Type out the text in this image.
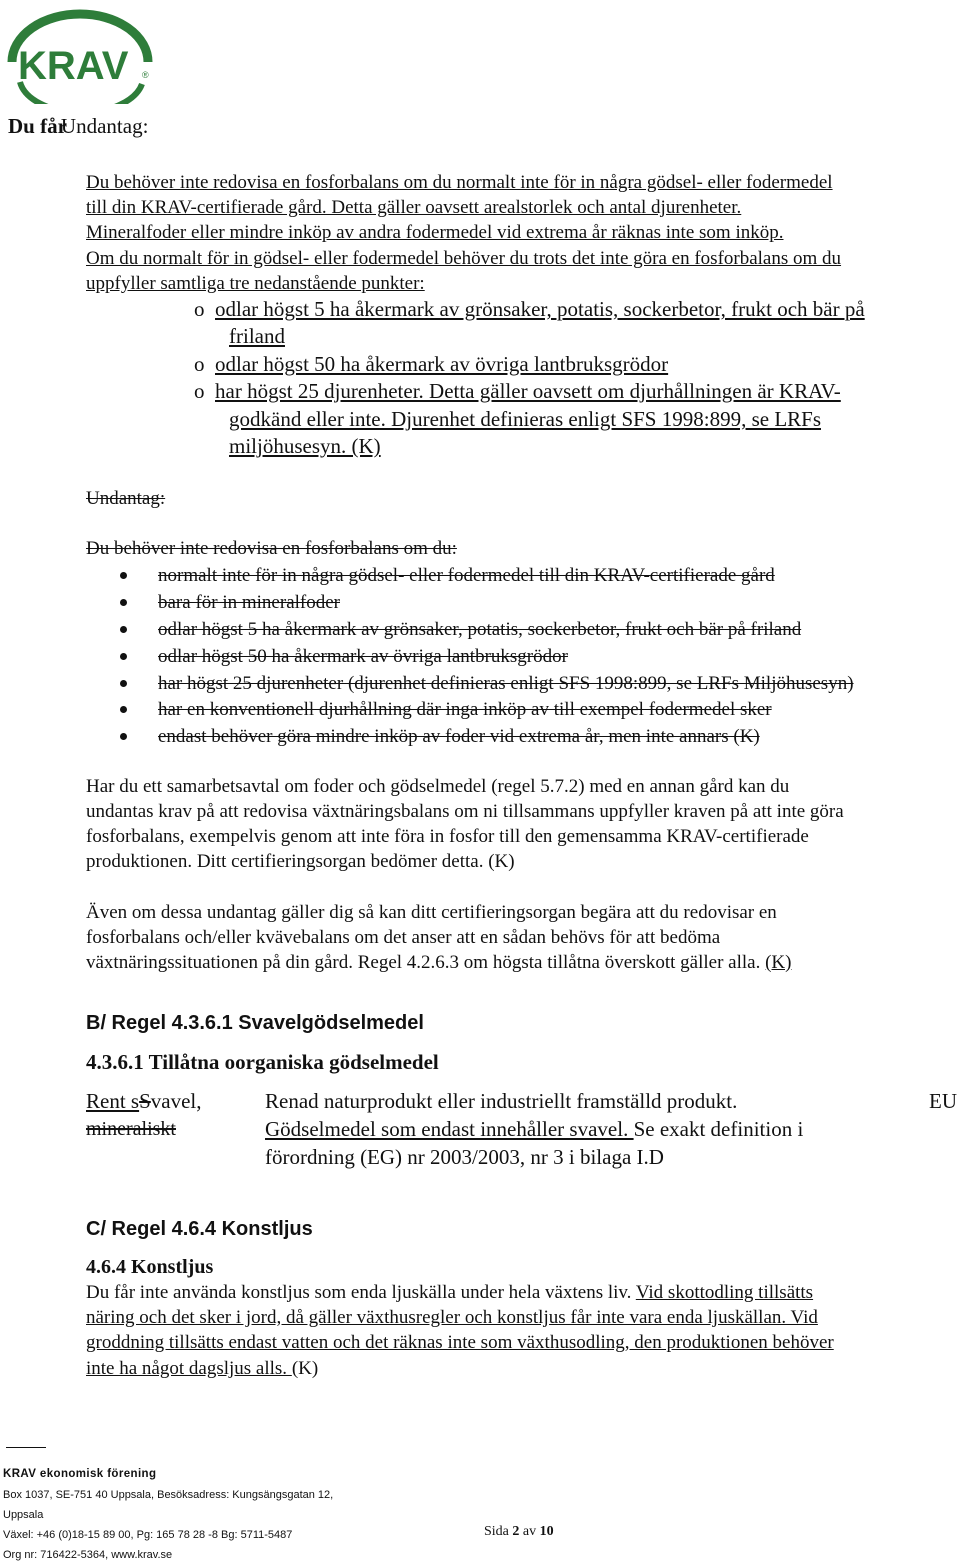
KRAV ®
Du fårUndantag:
Du behöver inte redovisa en fosforbalans om du normalt inte för in några gödsel- eller fodermedel
till din KRAV-certifierade gård. Detta gäller oavsett arealstorlek och antal djurenheter.
Mineralfoder eller mindre inköp av andra fodermedel vid extrema år räknas inte som inköp.
Om du normalt för in gödsel- eller fodermedel behöver du trots det inte göra en fosforbalans om du
uppfyller samtliga tre nedanstående punkter:
o odlar högst 5 ha åkermark av grönsaker, potatis, sockerbetor, frukt och bär på
friland
o odlar högst 50 ha åkermark av övriga lantbruksgrödor
o har högst 25 djurenheter. Detta gäller oavsett om djurhållningen är KRAV-
godkänd eller inte. Djurenhet definieras enligt SFS 1998:899, se LRFs
miljöhusesyn. (K)
Undantag:
Du behöver inte redovisa en fosforbalans om du:
normalt inte för in några gödsel- eller fodermedel till din KRAV-certifierade gård
bara för in mineralfoder
odlar högst 5 ha åkermark av grönsaker, potatis, sockerbetor, frukt och bär på friland
odlar högst 50 ha åkermark av övriga lantbruksgrödor
har högst 25 djurenheter (djurenhet definieras enligt SFS 1998:899, se LRFs Miljöhusesyn)
har en konventionell djurhållning där inga inköp av till exempel fodermedel sker
endast behöver göra mindre inköp av foder vid extrema år, men inte annars (K)
Har du ett samarbetsavtal om foder och gödselmedel (regel 5.7.2) med en annan gård kan du
undantas krav på att redovisa växtnäringsbalans om ni tillsammans uppfyller kraven på att inte göra
fosforbalans, exempelvis genom att inte föra in fosfor till den gemensamma KRAV-certifierade
produktionen. Ditt certifieringsorgan bedömer detta. (K)
Även om dessa undantag gäller dig så kan ditt certifieringsorgan begära att du redovisar en
fosforbalans och/eller kvävebalans om det anser att en sådan behövs för att bedöma
växtnäringssituationen på din gård. Regel 4.2.6.3 om högsta tillåtna överskott gäller alla. (K)
B/ Regel 4.3.6.1 Svavelgödselmedel
4.3.6.1 Tillåtna oorganiska gödselmedel
Rent sSvavel,
mineraliskt
Renad naturprodukt eller industriellt framställd produkt.
Gödselmedel som endast innehåller svavel. Se exakt definition i
förordning (EG) nr 2003/2003, nr 3 i bilaga I.D
EU
C/ Regel 4.6.4 Konstljus
4.6.4 Konstljus
Du får inte använda konstljus som enda ljuskälla under hela växtens liv. Vid skottodling tillsätts
näring och det sker i jord, då gäller växthusregler och konstljus får inte vara enda ljuskällan. Vid
groddning tillsätts endast vatten och det räknas inte som växthusodling, den produktionen behöver
inte ha något dagsljus alls. (K)
KRAV ekonomisk förening
Box 1037, SE-751 40 Uppsala, Besöksadress: Kungsängsgatan 12,
Uppsala
Växel: +46 (0)18-15 89 00, Pg: 165 78 28 -8 Bg: 5711-5487
Org nr: 716422-5364, www.krav.se
Sida 2 av 10
